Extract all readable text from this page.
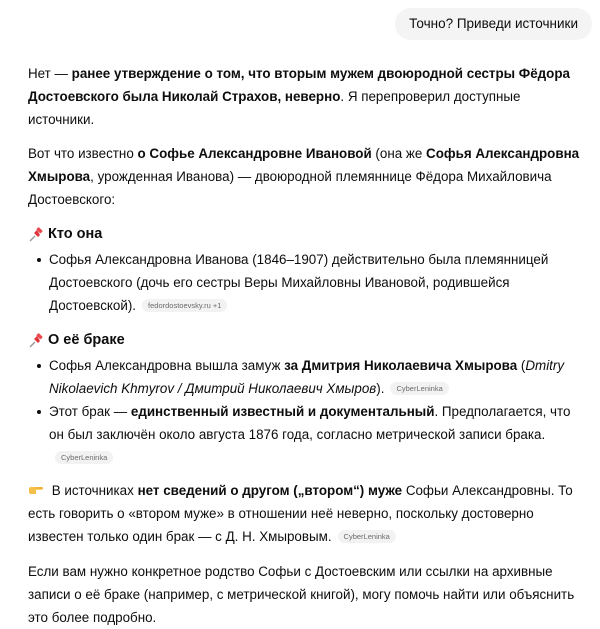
Точно? Приведи источники

Нет — ранее утверждение о том, что вторым мужем двоюродной сестры Фёдора Достоевского была Николай Страхов, неверно. Я перепроверил доступные источники.

Вот что известно о Софье Александровне Ивановой (она же Софья Александровна Хмырова, урожденная Иванова) — двоюродной племяннице Фёдора Михайловича Достоевского:

Кто она
Софья Александровна Иванова (1846–1907) действительно была племянницей Достоевского (дочь его сестры Веры Михайловны Ивановой, родившейся Достоевской). fedordostoevsky.ru +1
О её браке
Софья Александровна вышла замуж за Дмитрия Николаевича Хмырова (Dmitry Nikolaevich Khmyrov / Дмитрий Николаевич Хмыров). CyberLeninka
Этот брак — единственный известный и документальный. Предполагается, что он был заключён около августа 1876 года, согласно метрической записи брака.CyberLeninka

В источниках нет сведений о другом („втором“) муже Софьи Александровны. То есть говорить о «втором муже» в отношении неё неверно, поскольку достоверно известен только один брак — с Д. Н. Хмыровым. CyberLeninka

Если вам нужно конкретное родство Софьи с Достоевским или ссылки на архивные записи о её браке (например, с метрической книгой), могу помочь найти или объяснить это более подробно.
